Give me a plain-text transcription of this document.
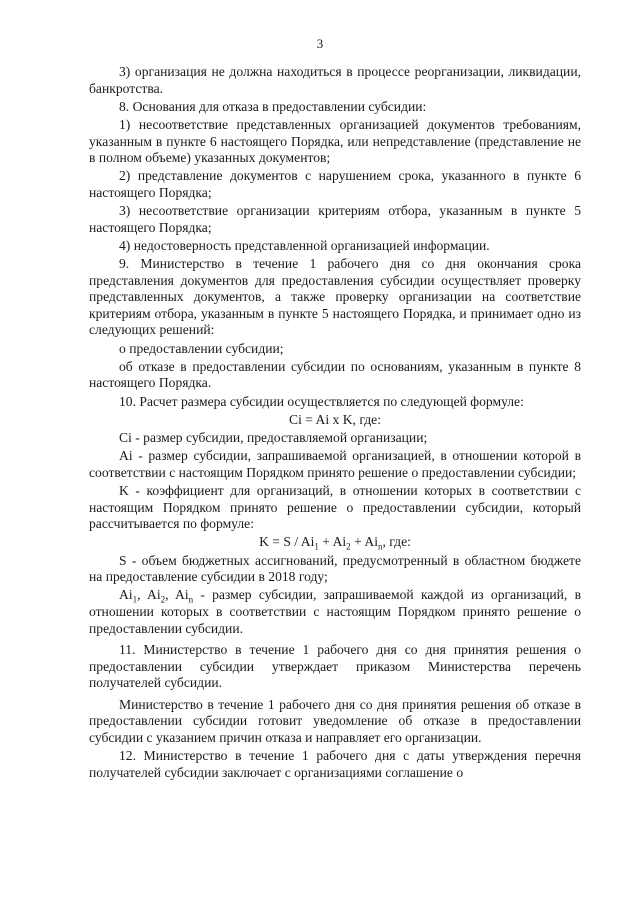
3

3) организация не должна находиться в процессе реорганизации, ликвидации, банкротства.

8. Основания для отказа в предоставлении субсидии:

1) несоответствие представленных организацией документов требованиям, указанным в пункте 6 настоящего Порядка, или непредставление (представление не в полном объеме) указанных документов;

2) представление документов с нарушением срока, указанного в пункте 6 настоящего Порядка;

3) несоответствие организации критериям отбора, указанным в пункте 5 настоящего Порядка;

4) недостоверность представленной организацией информации.

9. Министерство в течение 1 рабочего дня со дня окончания срока представления документов для предоставления субсидии осуществляет проверку представленных документов, а также проверку организации на соответствие критериям отбора, указанным в пункте 5 настоящего Порядка, и принимает одно из следующих решений:

о предоставлении субсидии;

об отказе в предоставлении субсидии по основаниям, указанным в пункте 8 настоящего Порядка.

10. Расчет размера субсидии осуществляется по следующей формуле:

Ci = Ai x K, где:

Ci - размер субсидии, предоставляемой организации;

Ai - размер субсидии, запрашиваемой организацией, в отношении которой в соответствии с настоящим Порядком принято решение о предоставлении субсидии;

K - коэффициент для организаций, в отношении которых в соответствии с настоящим Порядком принято решение о предоставлении субсидии, который рассчитывается по формуле:

$K = S / Ai_1 + Ai_2 + Ai_n$, где:

S - объем бюджетных ассигнований, предусмотренный в областном бюджете на предоставление субсидии в 2018 году;

$Ai_1$, $Ai_2$, $Ai_n$ - размер субсидии, запрашиваемой каждой из организаций, в отношении которых в соответствии с настоящим Порядком принято решение о предоставлении субсидии.

11. Министерство в течение 1 рабочего дня со дня принятия решения о предоставлении субсидии утверждает приказом Министерства перечень получателей субсидии.

Министерство в течение 1 рабочего дня со дня принятия решения об отказе в предоставлении субсидии готовит уведомление об отказе в предоставлении субсидии с указанием причин отказа и направляет его организации.

12. Министерство в течение 1 рабочего дня с даты утверждения перечня получателей субсидии заключает с организациями соглашение о
